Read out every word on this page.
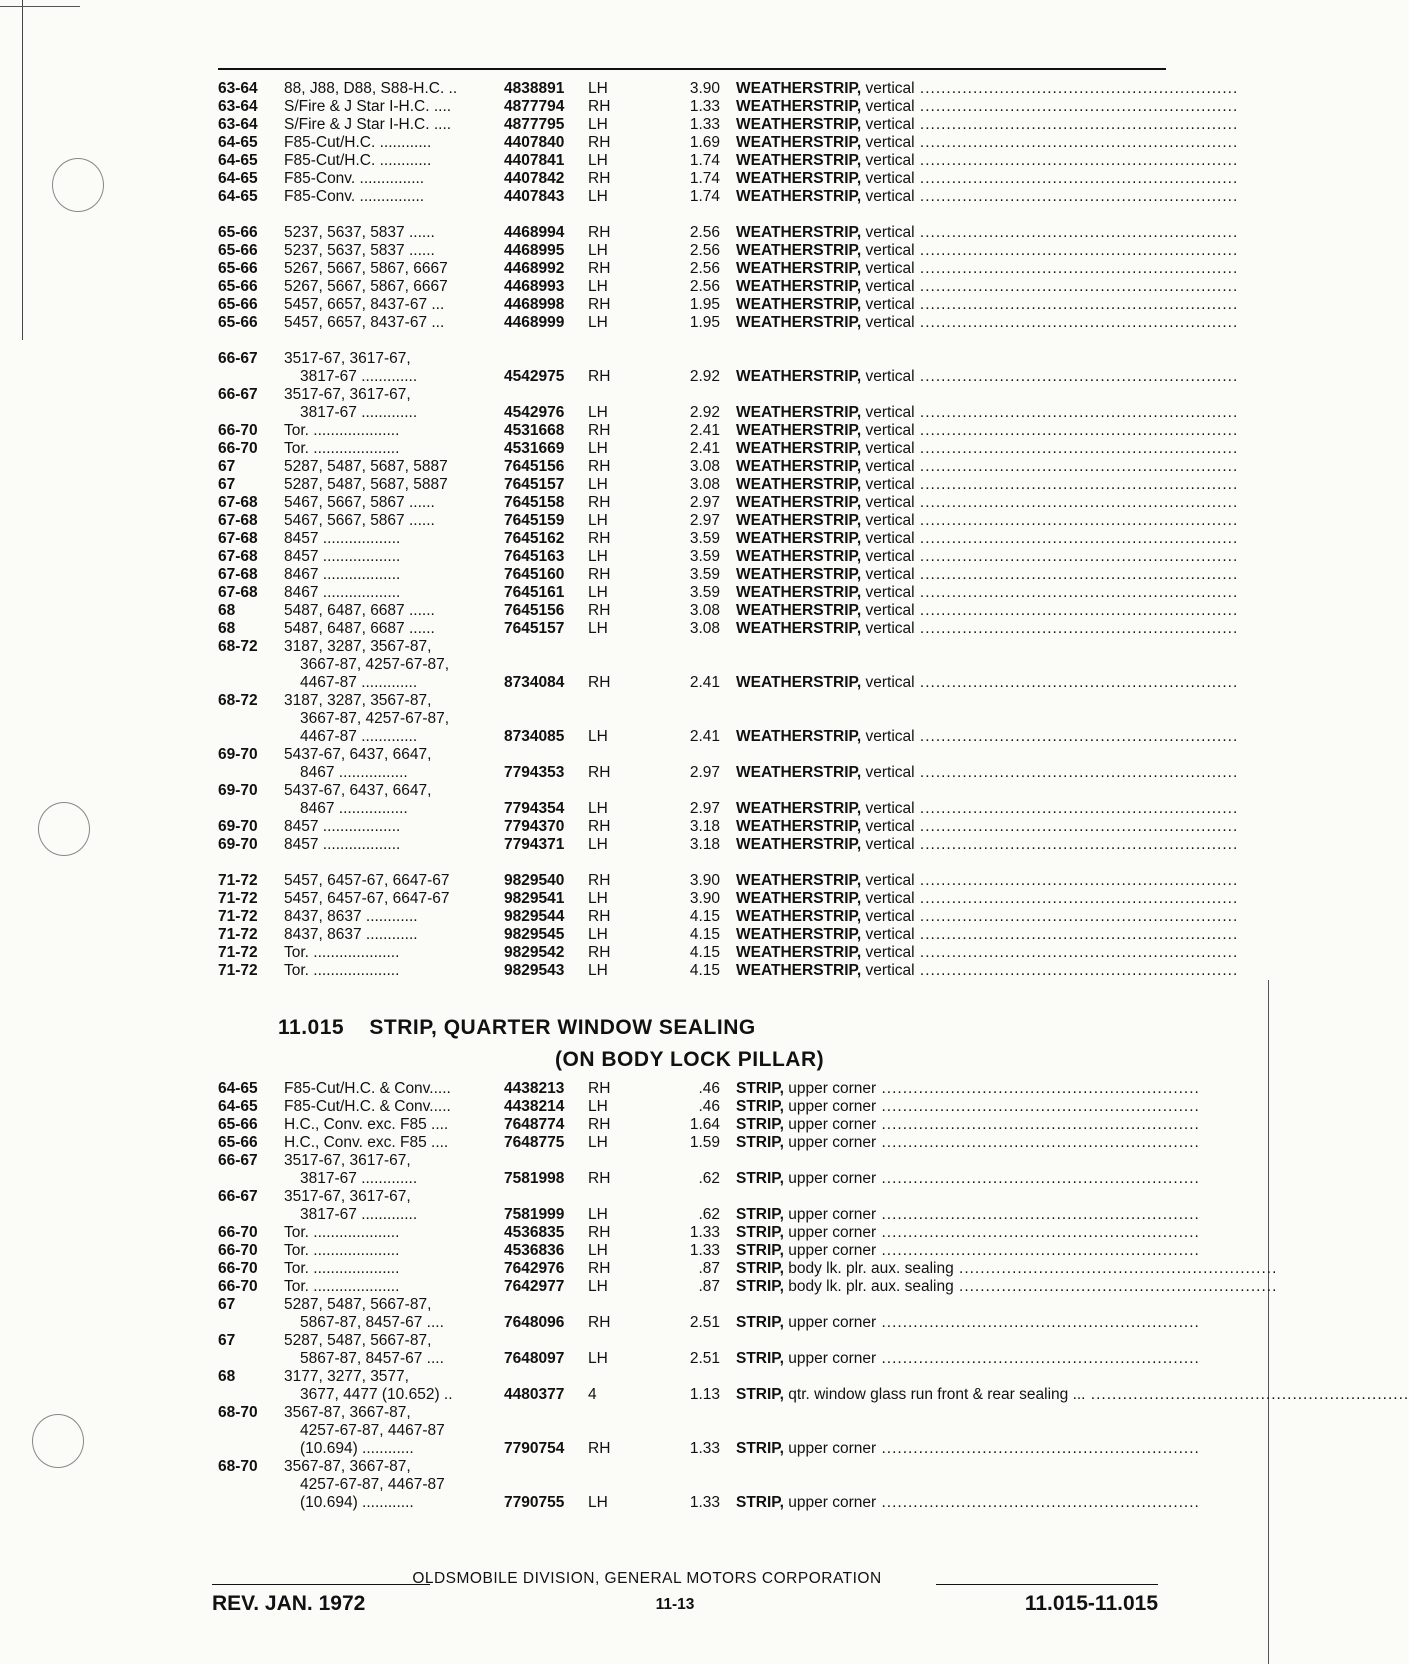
63-64 88, J88, D88, S88-H.C. ..	4838891 LH	3.90 WEATHERSTRIP, vertical ............................................................
63-64 S/Fire & J Star I-H.C. ....	4877794 RH	1.33 WEATHERSTRIP, vertical ............................................................
63-64 S/Fire & J Star I-H.C. ....	4877795 LH	1.33 WEATHERSTRIP, vertical ............................................................
64-65 F85-Cut/H.C. ............	4407840 RH	1.69 WEATHERSTRIP, vertical ............................................................
64-65 F85-Cut/H.C. ............	4407841 LH	1.74 WEATHERSTRIP, vertical ............................................................
64-65 F85-Conv. ...............	4407842 RH	1.74 WEATHERSTRIP, vertical ............................................................
64-65 F85-Conv. ...............	4407843 LH	1.74 WEATHERSTRIP, vertical ............................................................
65-66 5237, 5637, 5837 ......	4468994 RH	2.56 WEATHERSTRIP, vertical ............................................................
65-66 5237, 5637, 5837 ......	4468995 LH	2.56 WEATHERSTRIP, vertical ............................................................
65-66 5267, 5667, 5867, 6667	4468992 RH	2.56 WEATHERSTRIP, vertical ............................................................
65-66 5267, 5667, 5867, 6667	4468993 LH	2.56 WEATHERSTRIP, vertical ............................................................
65-66 5457, 6657, 8437-67 ...	4468998 RH	1.95 WEATHERSTRIP, vertical ............................................................
65-66 5457, 6657, 8437-67 ...	4468999 LH	1.95 WEATHERSTRIP, vertical ............................................................
66-67 3517-67, 3617-67,
3817-67 .............	4542975 RH	2.92 WEATHERSTRIP, vertical ............................................................
66-67 3517-67, 3617-67,
3817-67 .............	4542976 LH	2.92 WEATHERSTRIP, vertical ............................................................
66-70 Tor. ....................	4531668 RH	2.41 WEATHERSTRIP, vertical ............................................................
66-70 Tor. ....................	4531669 LH	2.41 WEATHERSTRIP, vertical ............................................................
67	5287, 5487, 5687, 5887	7645156 RH	3.08 WEATHERSTRIP, vertical ............................................................
67	5287, 5487, 5687, 5887	7645157 LH	3.08 WEATHERSTRIP, vertical ............................................................
67-68 5467, 5667, 5867 ......	7645158 RH	2.97 WEATHERSTRIP, vertical ............................................................
67-68 5467, 5667, 5867 ......	7645159 LH	2.97 WEATHERSTRIP, vertical ............................................................
67-68 8457 ..................	7645162 RH	3.59 WEATHERSTRIP, vertical ............................................................
67-68 8457 ..................	7645163 LH	3.59 WEATHERSTRIP, vertical ............................................................
67-68 8467 ..................	7645160 RH	3.59 WEATHERSTRIP, vertical ............................................................
67-68 8467 ..................	7645161 LH	3.59 WEATHERSTRIP, vertical ............................................................
68	5487, 6487, 6687 ......	7645156 RH	3.08 WEATHERSTRIP, vertical ............................................................
68	5487, 6487, 6687 ......	7645157 LH	3.08 WEATHERSTRIP, vertical ............................................................
68-72 3187, 3287, 3567-87,
3667-87, 4257-67-87,
4467-87 .............	8734084 RH	2.41 WEATHERSTRIP, vertical ............................................................
68-72 3187, 3287, 3567-87,
3667-87, 4257-67-87,
4467-87 .............	8734085 LH	2.41 WEATHERSTRIP, vertical ............................................................
69-70 5437-67, 6437, 6647,
8467 ................	7794353 RH	2.97 WEATHERSTRIP, vertical ............................................................
69-70 5437-67, 6437, 6647,
8467 ................	7794354 LH	2.97 WEATHERSTRIP, vertical ............................................................
69-70 8457 ..................	7794370 RH	3.18 WEATHERSTRIP, vertical ............................................................
69-70 8457 ..................	7794371 LH	3.18 WEATHERSTRIP, vertical ............................................................
71-72 5457, 6457-67, 6647-67	9829540 RH	3.90 WEATHERSTRIP, vertical ............................................................
71-72 5457, 6457-67, 6647-67	9829541 LH	3.90 WEATHERSTRIP, vertical ............................................................
71-72 8437, 8637 ............	9829544 RH	4.15 WEATHERSTRIP, vertical ............................................................
71-72 8437, 8637 ............	9829545 LH	4.15 WEATHERSTRIP, vertical ............................................................
71-72 Tor. ....................	9829542 RH	4.15 WEATHERSTRIP, vertical ............................................................
71-72 Tor. ....................	9829543 LH	4.15 WEATHERSTRIP, vertical ............................................................
11.015 STRIP, QUARTER WINDOW SEALING
(ON BODY LOCK PILLAR)
64-65 F85-Cut/H.C. & Conv.....	4438213 RH	.46 STRIP, upper corner ............................................................
64-65 F85-Cut/H.C. & Conv.....	4438214 LH	.46 STRIP, upper corner ............................................................
65-66 H.C., Conv. exc. F85 ....	7648774 RH	1.64 STRIP, upper corner ............................................................
65-66 H.C., Conv. exc. F85 ....	7648775 LH	1.59 STRIP, upper corner ............................................................
66-67 3517-67, 3617-67,
3817-67 .............	7581998 RH	.62 STRIP, upper corner ............................................................
66-67 3517-67, 3617-67,
3817-67 .............	7581999 LH	.62 STRIP, upper corner ............................................................
66-70 Tor. ....................	4536835 RH	1.33 STRIP, upper corner ............................................................
66-70 Tor. ....................	4536836 LH	1.33 STRIP, upper corner ............................................................
66-70 Tor. ....................	7642976 RH	.87 STRIP, body lk. plr. aux. sealing ............................................................
66-70 Tor. ....................	7642977 LH	.87 STRIP, body lk. plr. aux. sealing ............................................................
67	5287, 5487, 5667-87,
5867-87, 8457-67 ....	7648096 RH	2.51 STRIP, upper corner ............................................................
67	5287, 5487, 5667-87,
5867-87, 8457-67 ....	7648097 LH	2.51 STRIP, upper corner ............................................................
68	3177, 3277, 3577,
3677, 4477 (10.652) ..	4480377 4	1.13 STRIP, qtr. window glass run front & rear sealing ... ............................................................
68-70 3567-87, 3667-87,
4257-67-87, 4467-87
(10.694) ............	7790754 RH	1.33 STRIP, upper corner ............................................................
68-70 3567-87, 3667-87,
4257-67-87, 4467-87
(10.694) ............	7790755 LH	1.33 STRIP, upper corner ............................................................
OLDSMOBILE DIVISION, GENERAL MOTORS CORPORATION
REV. JAN. 1972	11-13	11.015-11.015
